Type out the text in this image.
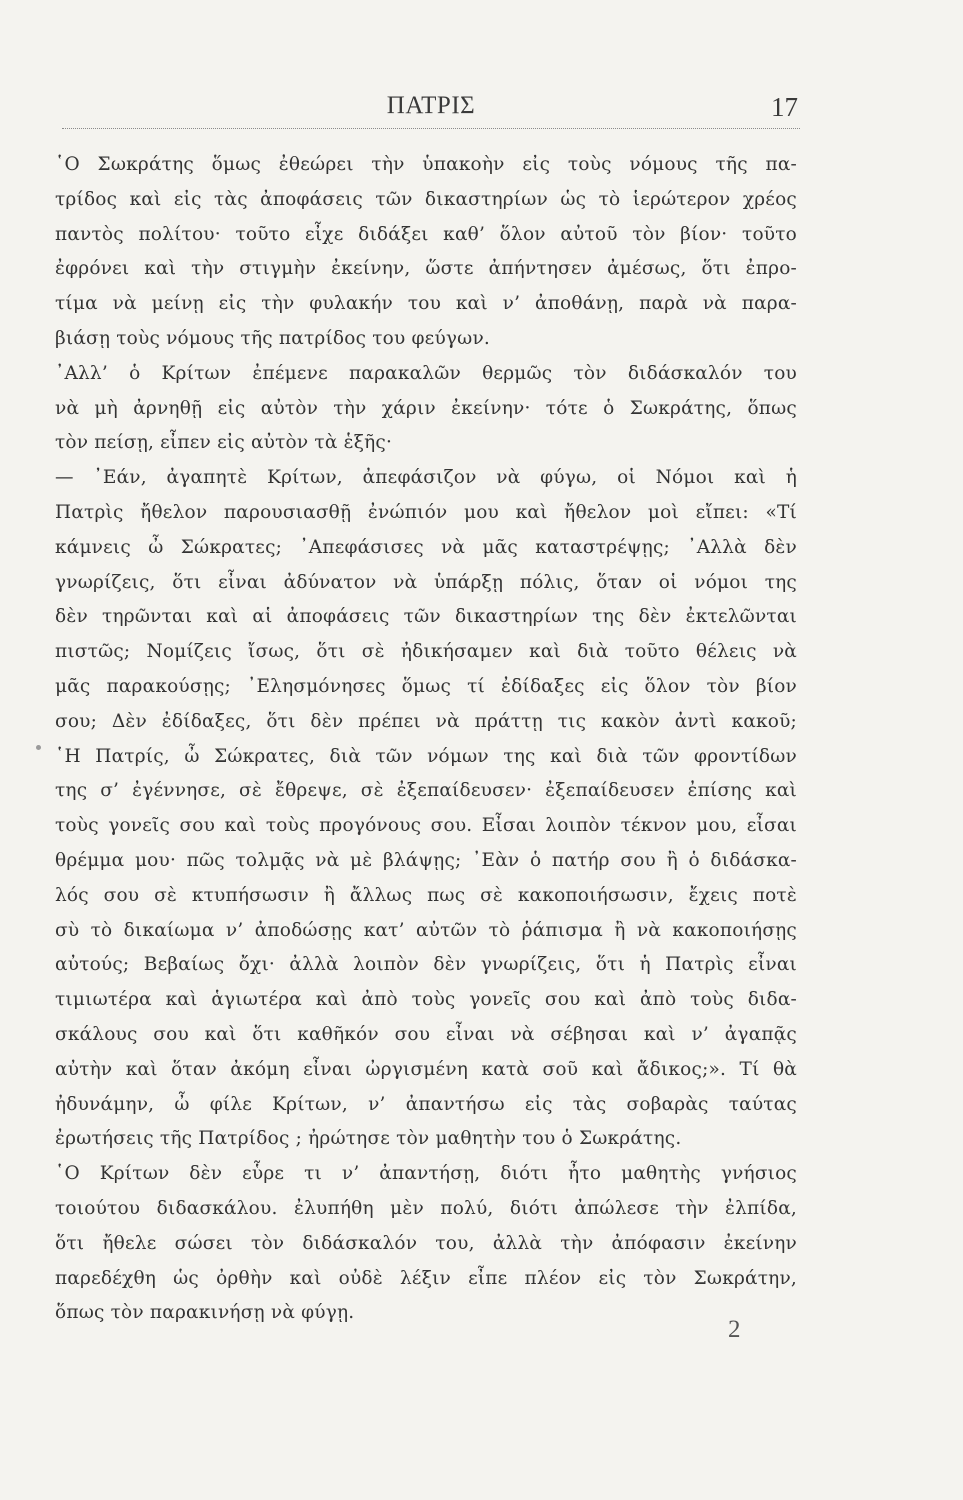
ΠΑΤΡΙΣ	17
῾Ο Σωκράτης ὅμως ἐθεώρει τὴν ὑπακοὴν εἰς τοὺς νόμους τῆς πα-
τρίδος καὶ εἰς τὰς ἀποφάσεις τῶν δικαστηρίων ὡς τὸ ἱερώτερον χρέος
παντὸς πολίτου· τοῦτο εἶχε διδάξει καθ’ ὅλον αὐτοῦ τὸν βίον· τοῦτο
ἐφρόνει καὶ τὴν στιγμὴν ἐκείνην, ὥστε ἀπήντησεν ἀμέσως, ὅτι ἐπρο-
τίμα νὰ μείνῃ εἰς τὴν φυλακήν του καὶ ν’ ἀποθάνῃ, παρὰ νὰ παρα-
βιάσῃ τοὺς νόμους τῆς πατρίδος του φεύγων.
᾿Αλλ’ ὁ Κρίτων ἐπέμενε παρακαλῶν θερμῶς τὸν διδάσκαλόν του
νὰ μὴ ἀρνηθῇ εἰς αὐτὸν τὴν χάριν ἐκείνην· τότε ὁ Σωκράτης, ὅπως
τὸν πείσῃ, εἶπεν εἰς αὐτὸν τὰ ἑξῆς·
— ᾿Εάν, ἀγαπητὲ Κρίτων, ἀπεφάσιζον νὰ φύγω, οἱ Νόμοι καὶ ἡ
Πατρὶς ἤθελον παρουσιασθῇ ἐνώπιόν μου καὶ ἤθελον μοὶ εἴπει: «Τί
κάμνεις ὦ Σώκρατες; ᾿Απεφάσισες νὰ μᾶς καταστρέψῃς; ᾿Αλλὰ δὲν
γνωρίζεις, ὅτι εἶναι ἀδύνατον νὰ ὑπάρξῃ πόλις, ὅταν οἱ νόμοι της
δὲν τηρῶνται καὶ αἱ ἀποφάσεις τῶν δικαστηρίων της δὲν ἐκτελῶνται
πιστῶς; Νομίζεις ἴσως, ὅτι σὲ ἠδικήσαμεν καὶ διὰ τοῦτο θέλεις νὰ
μᾶς παρακούσῃς; ᾿Ελησμόνησες ὅμως τί ἐδίδαξες εἰς ὅλον τὸν βίον
σου; Δὲν ἐδίδαξες, ὅτι δὲν πρέπει νὰ πράττῃ τις κακὸν ἀντὶ κακοῦ;
῾Η Πατρίς, ὦ Σώκρατες, διὰ τῶν νόμων της καὶ διὰ τῶν φροντίδων
της σ’ ἐγέννησε, σὲ ἔθρεψε, σὲ ἐξεπαίδευσεν· ἐξεπαίδευσεν ἐπίσης καὶ
τοὺς γονεῖς σου καὶ τοὺς προγόνους σου. Εἶσαι λοιπὸν τέκνον μου, εἶσαι
θρέμμα μου· πῶς τολμᾷς νὰ μὲ βλάψῃς; ᾿Εὰν ὁ πατήρ σου ἢ ὁ διδάσκα-
λός σου σὲ κτυπήσωσιν ἢ ἄλλως πως σὲ κακοποιήσωσιν, ἔχεις ποτὲ
σὺ τὸ δικαίωμα ν’ ἀποδώσῃς κατ’ αὐτῶν τὸ ῥάπισμα ἢ νὰ κακοποιήσῃς
αὐτούς; Βεβαίως ὄχι· ἀλλὰ λοιπὸν δὲν γνωρίζεις, ὅτι ἡ Πατρὶς εἶναι
τιμιωτέρα καὶ ἁγιωτέρα καὶ ἀπὸ τοὺς γονεῖς σου καὶ ἀπὸ τοὺς διδα-
σκάλους σου καὶ ὅτι καθῆκόν σου εἶναι νὰ σέβησαι καὶ ν’ ἀγαπᾷς
αὐτὴν καὶ ὅταν ἀκόμη εἶναι ὠργισμένη κατὰ σοῦ καὶ ἄδικος;». Τί θὰ
ἠδυνάμην, ὦ φίλε Κρίτων, ν’ ἀπαντήσω εἰς τὰς σοβαρὰς ταύτας
ἐρωτήσεις τῆς Πατρίδος ; ἠρώτησε τὸν μαθητὴν του ὁ Σωκράτης.
῾Ο Κρίτων δὲν εὗρε τι ν’ ἀπαντήσῃ, διότι ἦτο μαθητὴς γνήσιος
τοιούτου διδασκάλου. ἐλυπήθη μὲν πολύ, διότι ἀπώλεσε τὴν ἐλπίδα,
ὅτι ἤθελε σώσει τὸν διδάσκαλόν του, ἀλλὰ τὴν ἀπόφασιν ἐκείνην
παρεδέχθη ὡς ὀρθὴν καὶ οὐδὲ λέξιν εἶπε πλέον εἰς τὸν Σωκράτην,
ὅπως τὸν παρακινήσῃ νὰ φύγῃ.
2
